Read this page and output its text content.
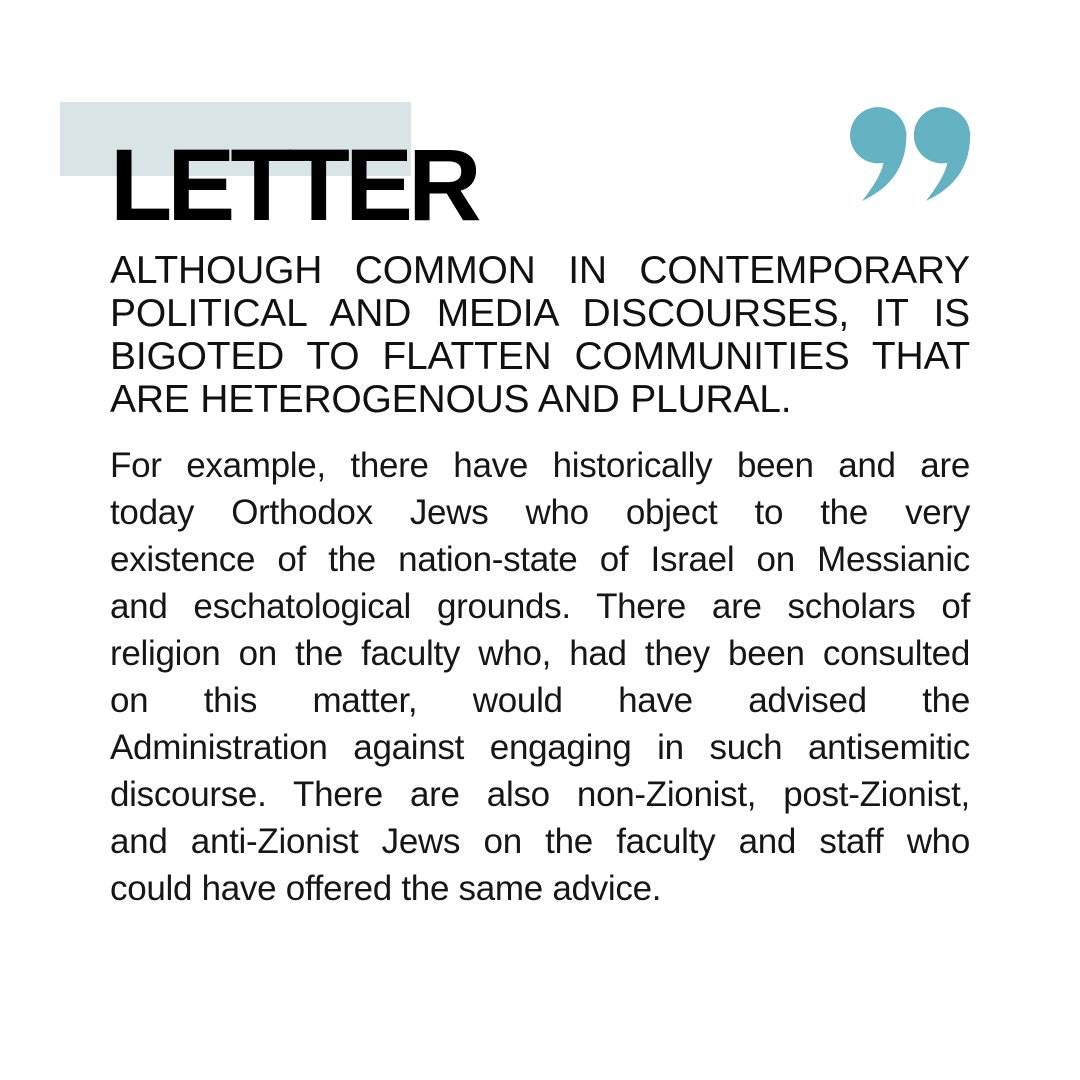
LETTER
ALTHOUGH COMMON IN CONTEMPORARY
POLITICAL AND MEDIA DISCOURSES, IT IS
BIGOTED TO FLATTEN COMMUNITIES THAT
ARE HETEROGENOUS AND PLURAL.
For example, there have historically been and are
today Orthodox Jews who object to the very
existence of the nation-state of Israel on Messianic
and eschatological grounds. There are scholars of
religion on the faculty who, had they been consulted
on this matter, would have advised the
Administration against engaging in such antisemitic
discourse. There are also non-Zionist, post-Zionist,
and anti-Zionist Jews on the faculty and staff who
could have offered the same advice.
